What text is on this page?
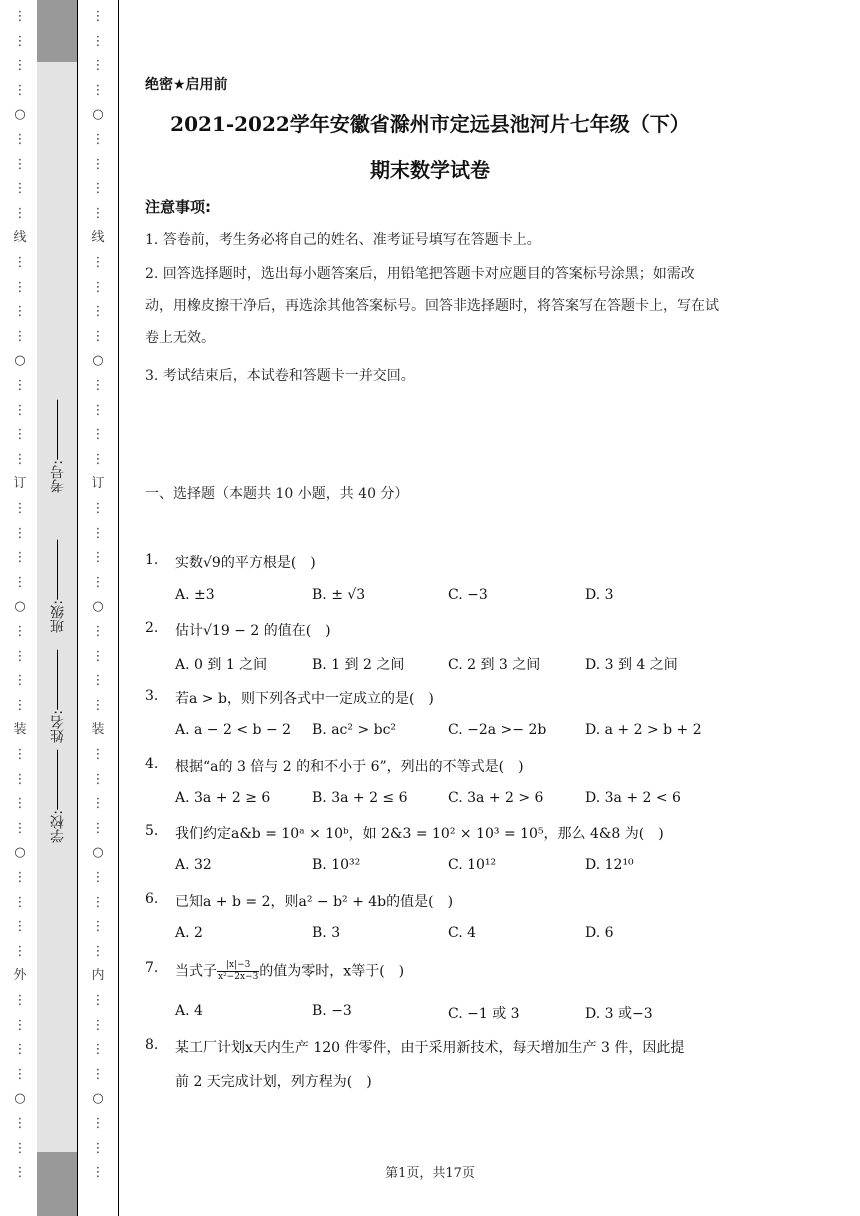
⋮
⋮
⋮
⋮
○
⋮
⋮
⋮
⋮
线
⋮
⋮
⋮
⋮
○
⋮
⋮
⋮
⋮
订
⋮
⋮
⋮
⋮
○
⋮
⋮
⋮
⋮
装
⋮
⋮
⋮
⋮
○
⋮
⋮
⋮
⋮
外
⋮
⋮
⋮
⋮
○
⋮
⋮
⋮
⋮
⋮
⋮
⋮
○
⋮
⋮
⋮
⋮
线
⋮
⋮
⋮
⋮
○
⋮
⋮
⋮
⋮
订
⋮
⋮
⋮
⋮
○
⋮
⋮
⋮
⋮
装
⋮
⋮
⋮
⋮
○
⋮
⋮
⋮
⋮
内
⋮
⋮
⋮
⋮
○
⋮
⋮
⋮
学校:
姓名:
班级:
考号:
绝密★启用前
2021-2022学年安徽省滁州市定远县池河片七年级（下）
期末数学试卷
注意事项:
1. 答卷前，考生务必将自己的姓名、准考证号填写在答题卡上。
2. 回答选择题时，选出每小题答案后，用铅笔把答题卡对应题目的答案标号涂黑；如需改动，用橡皮擦干净后，再选涂其他答案标号。回答非选择题时，将答案写在答题卡上，写在试卷上无效。
3. 考试结束后，本试卷和答题卡一并交回。
一、选择题（本题共 10 小题，共 40 分）
1. 实数√9的平方根是(　)
A. ±3	B. ± √3	C. −3	D. 3
2. 估计√19 − 2 的值在(　)
A. 0 到 1 之间	B. 1 到 2 之间	C. 2 到 3 之间	D. 3 到 4 之间
3. 若a > b，则下列各式中一定成立的是(　)
A. a − 2 < b − 2 B. ac² > bc²	C. −2a >− 2b	D. a + 2 > b + 2
4. 根据“a的 3 倍与 2 的和不小于 6”，列出的不等式是(　)
A. 3a + 2 ≥ 6	B. 3a + 2 ≤ 6	C. 3a + 2 > 6	D. 3a + 2 < 6
5. 我们约定a&b = 10ᵃ × 10ᵇ，如 2&3 = 10² × 10³ = 10⁵，那么 4&8 为(　)
A. 32	B. 10³²	C. 10¹²	D. 12¹⁰
6. 已知a + b = 2，则a² − b² + 4b的值是(　)
A. 2	B. 3	C. 4	D. 6
7. 当式子 $\frac{|x|-3}{\text{x²−2x−3}}$ 的值为零时，x等于(　)
A. 4	B. −3	C. −1 或 3	D. 3 或−3
8. 某工厂计划x天内生产 120 件零件，由于采用新技术，每天增加生产 3 件，因此提
前 2 天完成计划，列方程为(　)
第1页，共17页
